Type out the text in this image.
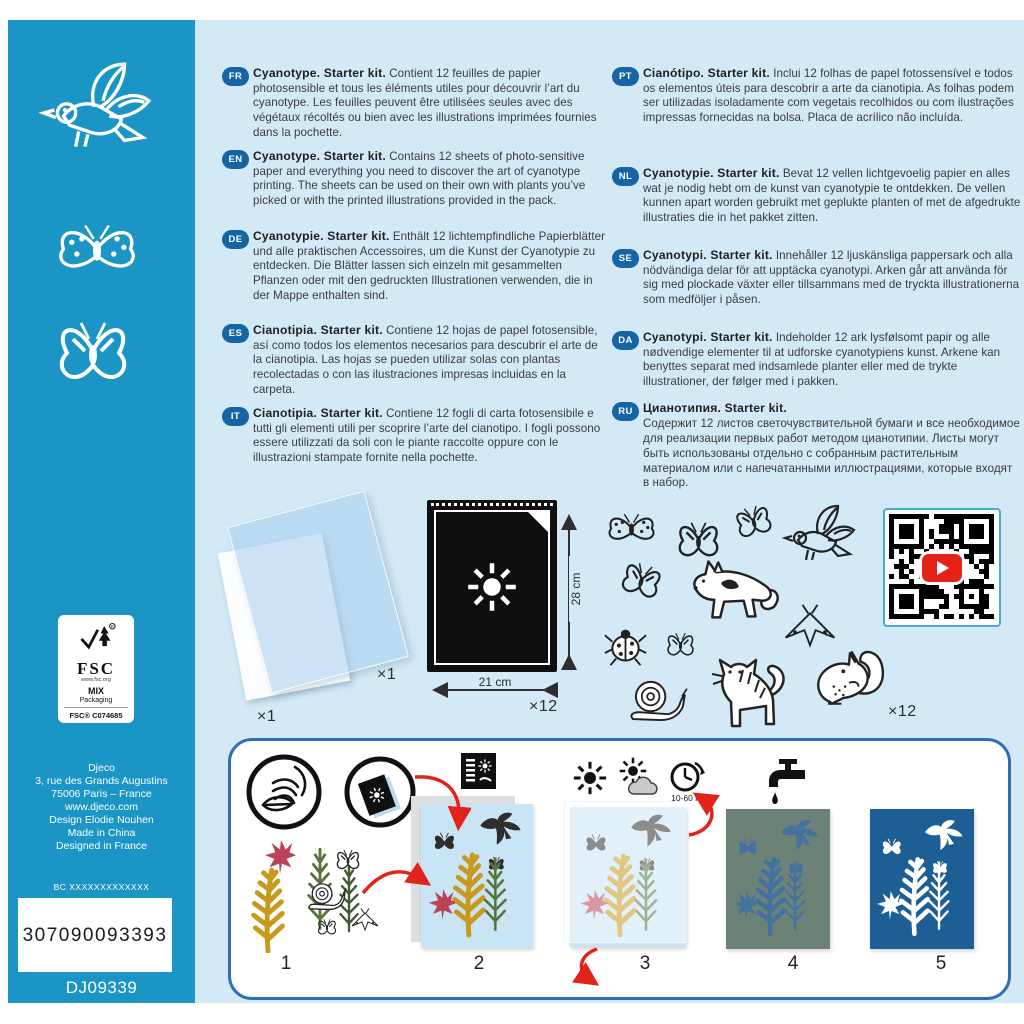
R
FSC
www.fsc.org
MIX
Packaging
FSC® C074685
Djeco
3, rue des Grands Augustins
75006 Paris – France
www.djeco.com
Design Elodie Nouhen
Made in China
Designed in France
BC XXXXXXXXXXXXX
307090093393
DJ09339
FR Cyanotype. Starter kit. Contient 12 feuilles de papier photosensible et tous les éléments utiles pour découvrir l’art du cyanotype. Les feuilles peuvent être utilisées seules avec des végétaux récoltés ou bien avec les illustrations imprimées fournies dans la pochette.

EN Cyanotype. Starter kit. Contains 12 sheets of photo-sensitive paper and everything you need to discover the art of cyanotype printing. The sheets can be used on their own with plants you’ve picked or with the printed illustrations provided in the pack.

DE Cyanotypie. Starter kit. Enthält 12 lichtempfindliche Papierblätter und alle praktischen Accessoires, um die Kunst der Cyanotypie zu entdecken. Die Blätter lassen sich einzeln mit gesammelten Pflanzen oder mit den gedruckten Illustrationen verwenden, die in der Mappe enthalten sind.

ES Cianotipia. Starter kit. Contiene 12 hojas de papel fotosensible, así como todos los elementos necesarios para descubrir el arte de la cianotipia. Las hojas se pueden utilizar solas con plantas recolectadas o con las ilustraciones impresas incluidas en la carpeta.

IT	Cianotipia. Starter kit. Contiene 12 fogli di carta fotosensibile e tutti gli elementi utili per scoprire l’arte del cianotipo. I fogli possono essere utilizzati da soli con le piante raccolte oppure con le illustrazioni stampate fornite nella pochette.

PT Cianótipo. Starter kit. Inclui 12 folhas de papel fotossensível e todos os elementos úteis para descobrir a arte da cianotipia. As folhas podem ser utilizadas isoladamente com vegetais recolhidos ou com ilustrações impressas fornecidas na bolsa. Placa de acrílico não incluída.

NL Cyanotypie. Starter kit. Bevat 12 vellen lichtgevoelig papier en alles wat je nodig hebt om de kunst van cyanotypie te ontdekken. De vellen kunnen apart worden gebruikt met geplukte planten of met de afgedrukte illustraties die in het pakket zitten.

SE Cyanotypi. Starter kit. Innehåller 12 ljuskänsliga pappersark och alla nödvändiga delar för att upptäcka cyanotypi. Arken går att använda för sig med plockade växter eller tillsammans med de tryckta illustrationerna som medföljer i påsen.

DA Cyanotypi. Starter kit. Indeholder 12 ark lysfølsomt papir og alle nødvendige elementer til at udforske cyanotypiens kunst. Arkene kan benyttes separat med indsamlede planter eller med de trykte illustrationer, der følger med i pakken.

RU Цианотипия. Starter kit.
Содержит 12 листов светочувствительной бумаги и все необходимое для реализации первых работ методом цианотипии. Листы могут быть использованы отдельно с собранным растительным материалом или с напечатанными иллюстрациями, которые входят в набор.

×1
×1
28 cm
21 cm
×12	×12
10-60 min
1	2	3	4	5
